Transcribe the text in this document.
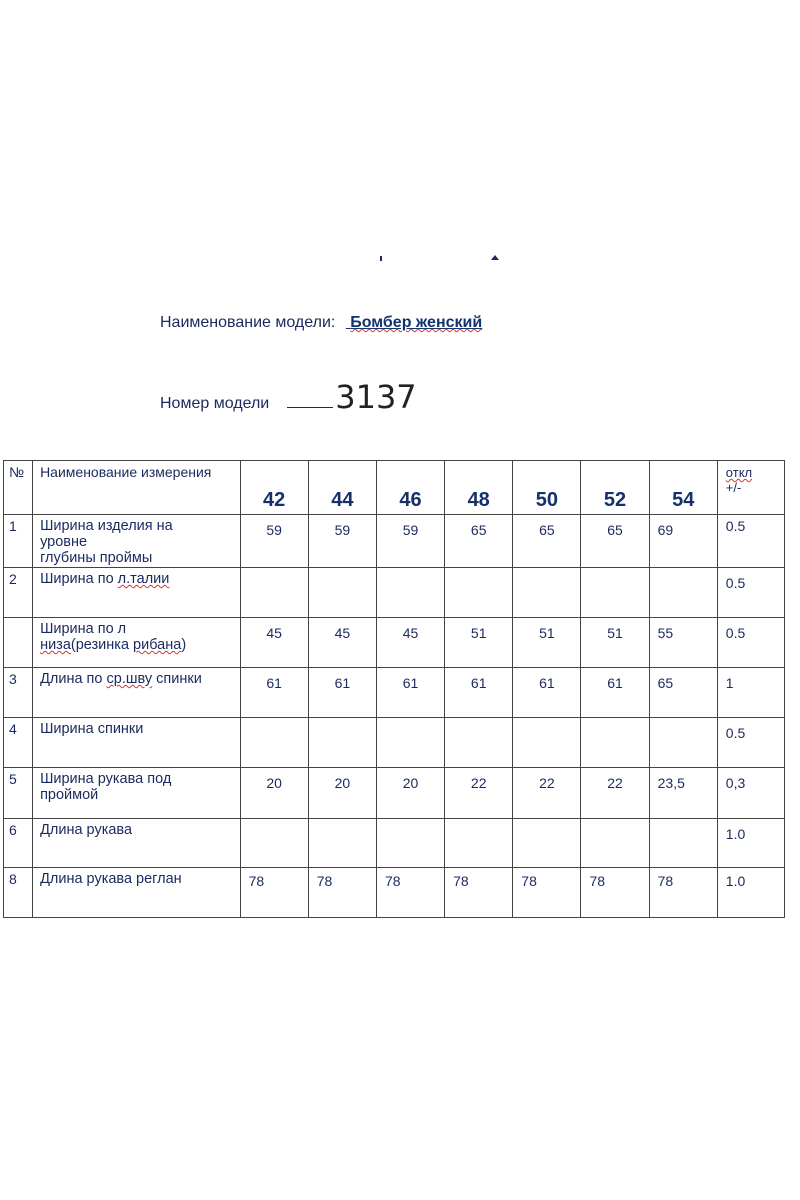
Наименование модели: Бомбер женский
Номер модели 3137
№	Наименование измерения	42	44	46	48	50	52	54	откл
+/-
1	Ширина изделия на
уровне
глубины проймы	59	59	59	65	65	65	69	0.5
2	Ширина по л.талии								0.5
	Ширина по л
низа(резинка рибана)	45	45	45	51	51	51	55	0.5
3	Длина по ср.шву спинки	61	61	61	61	61	61	65	1
4	Ширина спинки								0.5
5	Ширина рукава под
проймой	20	20	20	22	22	22	23,5	0,3
6	Длина рукава								1.0
8	Длина рукава реглан	78	78	78	78	78	78	78	1.0
